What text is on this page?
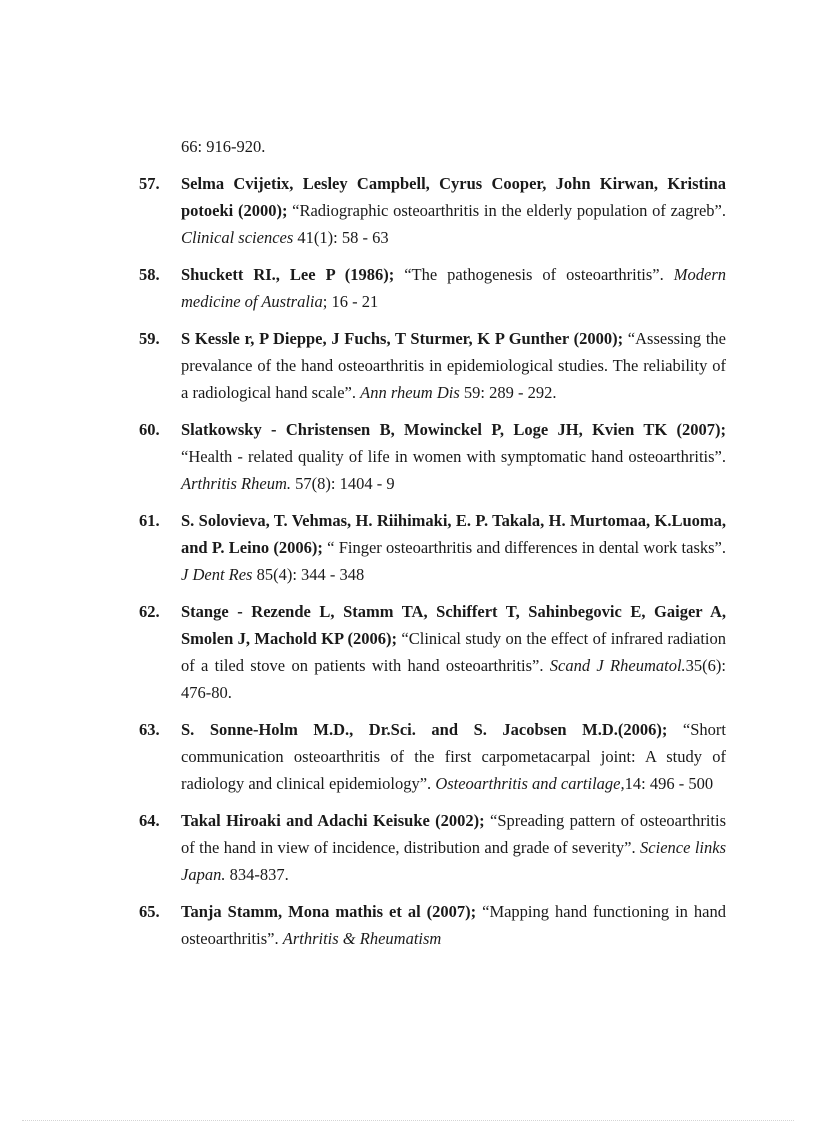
66: 916-920.
57. Selma Cvijetix, Lesley Campbell, Cyrus Cooper, John Kirwan, Kristina potoeki (2000); “Radiographic osteoarthritis in the elderly population of zagreb”. Clinical sciences 41(1): 58 - 63
58. Shuckett RI., Lee P (1986); “The pathogenesis of osteoarthritis”. Modern medicine of Australia; 16 - 21
59. S Kessle r, P Dieppe, J Fuchs, T Sturmer, K P Gunther (2000); “Assessing the prevalance of the hand osteoarthritis in epidemiological studies. The reliability of a radiological hand scale”. Ann rheum Dis 59: 289 - 292.
60. Slatkowsky - Christensen B, Mowinckel P, Loge JH, Kvien TK (2007); “Health - related quality of life in women with symptomatic hand osteoarthritis”. Arthritis Rheum. 57(8): 1404 - 9
61. S. Solovieva, T. Vehmas, H. Riihimaki, E. P. Takala, H. Murtomaa, K.Luoma, and P. Leino (2006); “ Finger osteoarthritis and differences in dental work tasks”. J Dent Res 85(4): 344 - 348
62. Stange - Rezende L, Stamm TA, Schiffert T, Sahinbegovic E, Gaiger A, Smolen J, Machold KP (2006); “Clinical study on the effect of infrared radiation of a tiled stove on patients with hand osteoarthritis”. Scand J Rheumatol.35(6): 476-80.
63. S. Sonne-Holm M.D., Dr.Sci. and S. Jacobsen M.D.(2006); “Short communication osteoarthritis of the first carpometacarpal joint: A study of radiology and clinical epidemiology”. Osteoarthritis and cartilage,14: 496 - 500
64. Takal Hiroaki and Adachi Keisuke (2002); “Spreading pattern of osteoarthritis of the hand in view of incidence, distribution and grade of severity”. Science links Japan. 834-837.
65. Tanja Stamm, Mona mathis et al (2007); “Mapping hand functioning in hand osteoarthritis”. Arthritis & Rheumatism
